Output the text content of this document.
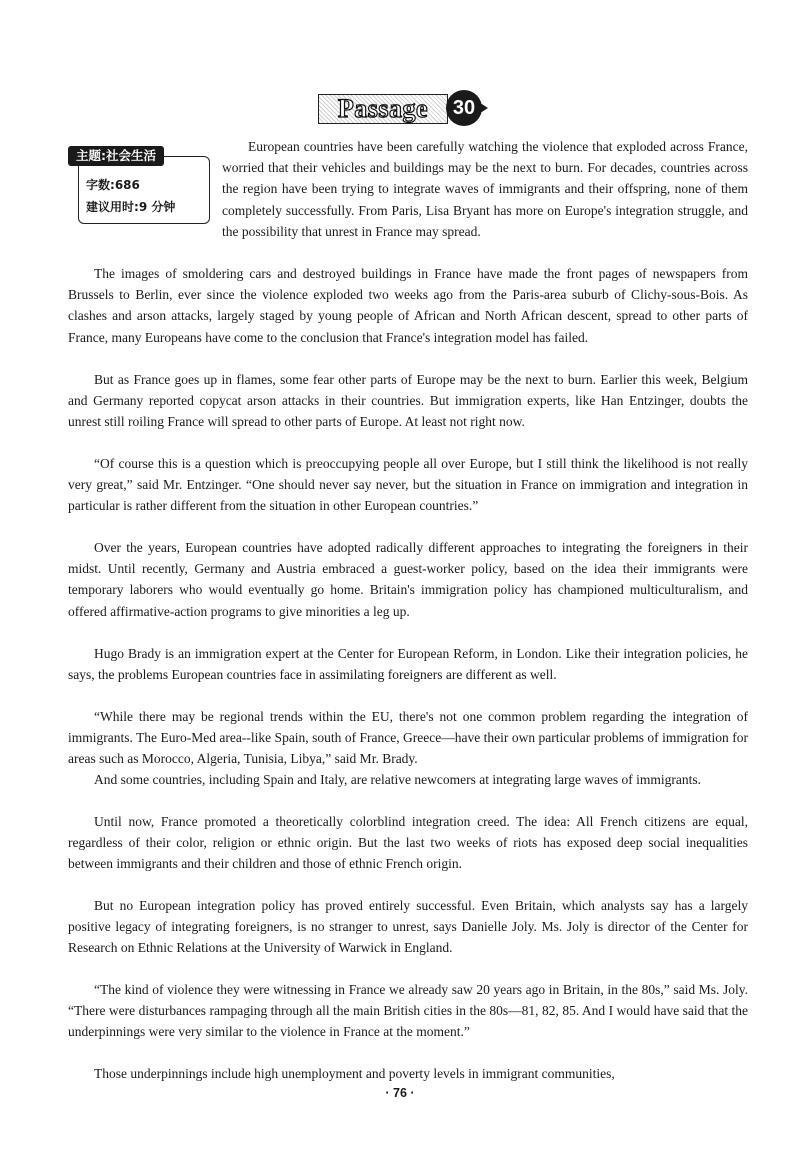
Passage	30
主题:社会生活
字数:686
建议用时:9 分钟
European countries have been carefully watching the violence that exploded across France, worried that their vehicles and buildings may be the next to burn. For decades, countries across the region have been trying to integrate waves of immigrants and their offspring, none of them completely successfully. From Paris, Lisa Bryant has more on Europe's integration struggle, and the possibility that unrest in France may spread.
The images of smoldering cars and destroyed buildings in France have made the front pages of newspapers from Brussels to Berlin, ever since the violence exploded two weeks ago from the Paris-area suburb of Clichy-sous-Bois. As clashes and arson attacks, largely staged by young people of African and North African descent, spread to other parts of France, many Europeans have come to the conclusion that France's integration model has failed.
But as France goes up in flames, some fear other parts of Europe may be the next to burn. Earlier this week, Belgium and Germany reported copycat arson attacks in their countries. But immigration experts, like Han Entzinger, doubts the unrest still roiling France will spread to other parts of Europe. At least not right now.
“Of course this is a question which is preoccupying people all over Europe, but I still think the likelihood is not really very great,” said Mr. Entzinger. “One should never say never, but the situation in France on immigration and integration in particular is rather different from the situation in other European countries.”
Over the years, European countries have adopted radically different approaches to integrating the foreigners in their midst. Until recently, Germany and Austria embraced a guest-worker policy, based on the idea their immigrants were temporary laborers who would eventually go home. Britain's immigration policy has championed multiculturalism, and offered affirmative-action programs to give minorities a leg up.
Hugo Brady is an immigration expert at the Center for European Reform, in London. Like their integration policies, he says, the problems European countries face in assimilating foreigners are different as well.
“While there may be regional trends within the EU, there's not one common problem regarding the integration of immigrants. The Euro-Med area--like Spain, south of France, Greece—have their own particular problems of immigration for areas such as Morocco, Algeria, Tunisia, Libya,” said Mr. Brady.
And some countries, including Spain and Italy, are relative newcomers at integrating large waves of immigrants.
Until now, France promoted a theoretically colorblind integration creed. The idea: All French citizens are equal, regardless of their color, religion or ethnic origin. But the last two weeks of riots has exposed deep social inequalities between immigrants and their children and those of ethnic French origin.
But no European integration policy has proved entirely successful. Even Britain, which analysts say has a largely positive legacy of integrating foreigners, is no stranger to unrest, says Danielle Joly. Ms. Joly is director of the Center for Research on Ethnic Relations at the University of Warwick in England.
“The kind of violence they were witnessing in France we already saw 20 years ago in Britain, in the 80s,” said Ms. Joly. “There were disturbances rampaging through all the main British cities in the 80s—81, 82, 85. And I would have said that the underpinnings were very similar to the violence in France at the moment.”
Those underpinnings include high unemployment and poverty levels in immigrant communities,
· 76 ·
